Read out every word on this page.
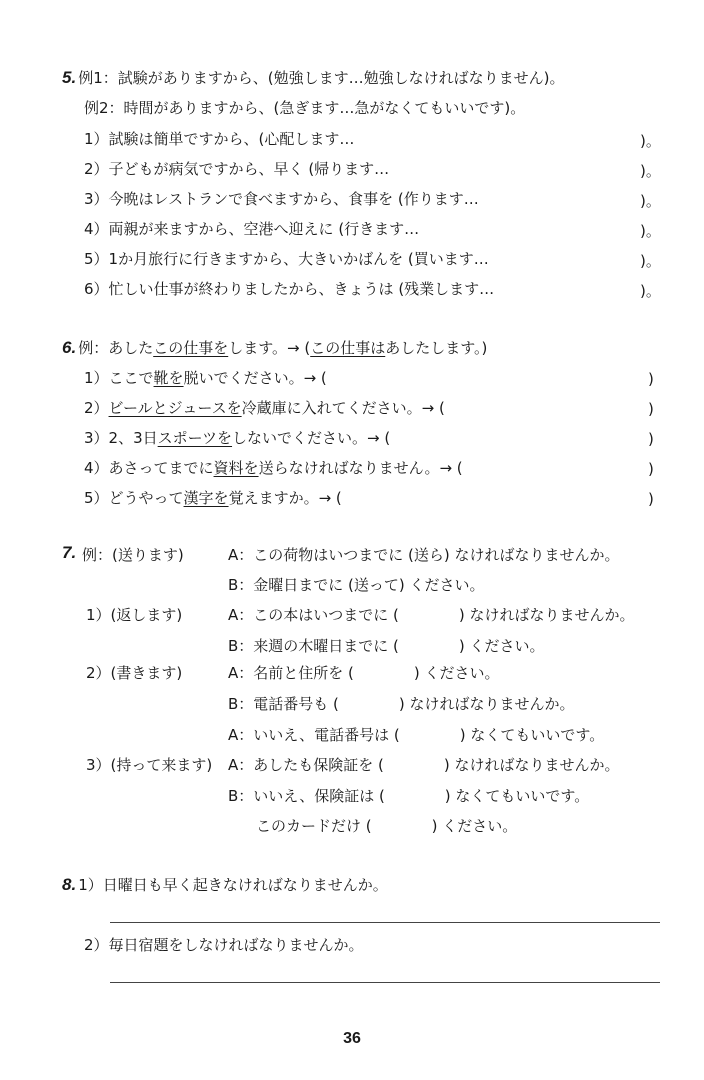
5. 例1：試験がありますから、(勉強します…勉強しなければなりません)。
例2：時間がありますから、(急ぎます…急がなくてもいいです)。
1）試験は簡単ですから、(心配します…	)。
2）子どもが病気ですから、早く (帰ります…	)。
3）今晩はレストランで食べますから、食事を (作ります…	)。
4）両親が来ますから、空港へ迎えに (行きます…	)。
5）1か月旅行に行きますから、大きいかばんを (買います…	)。
6）忙しい仕事が終わりましたから、きょうは (残業します…	)。
6. 例：あしたこの仕事をします。→ (この仕事はあしたします。)
1）ここで靴を脱いでください。→ (	)
2）ビールとジュースを冷蔵庫に入れてください。→ (	)
3）2、3日スポーツをしないでください。→ (	)
4）あさってまでに資料を送らなければなりません。→ (	)
5）どうやって漢字を覚えますか。→ (	)
7. 例：(送ります)	A：この荷物はいつまでに (送ら) なければなりませんか。
B：金曜日までに (送って) ください。
1）(返します)	A：この本はいつまでに (　　　　) なければなりませんか。
B：来週の木曜日までに (　　　　) ください。
2）(書きます)	A：名前と住所を (　　　　) ください。
B：電話番号も (　　　　) なければなりませんか。
A：いいえ、電話番号は (　　　　) なくてもいいです。
3）(持って来ます) A：あしたも保険証を (　　　　) なければなりませんか。
B：いいえ、保険証は (　　　　) なくてもいいです。
このカードだけ (　　　　) ください。
8. 1）日曜日も早く起きなければなりませんか。
2）毎日宿題をしなければなりませんか。
36
